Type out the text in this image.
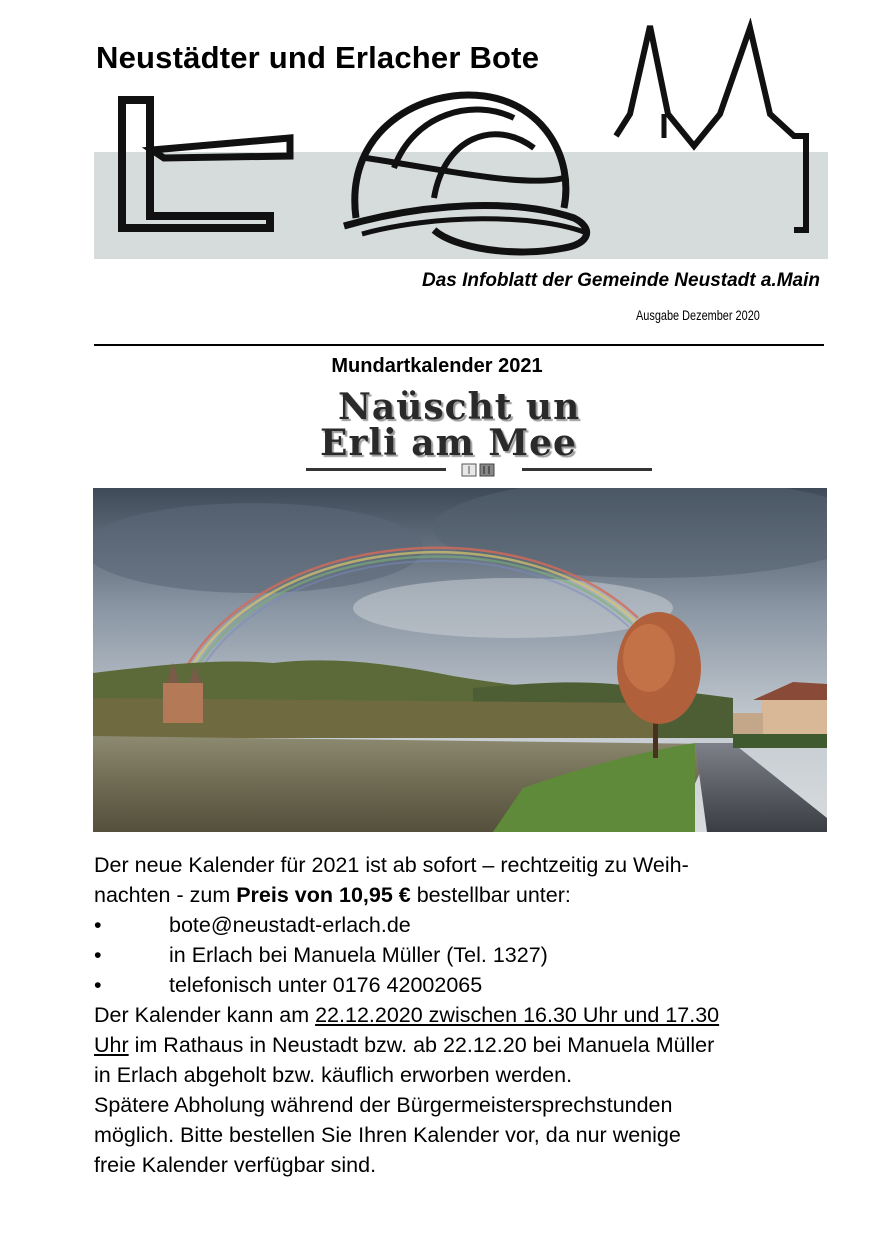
Neustädter und Erlacher Bote
Das Infoblatt der Gemeinde Neustadt a.Main
Ausgabe Dezember 2020
Mundartkalender 2021
Naüscht un
Erli am Mee

Der neue Kalender für 2021 ist ab sofort – rechtzeitig zu Weih-

nachten - zum Preis von 10,95 € bestellbar unter:

•	bote@neustadt-erlach.de
•	in Erlach bei Manuela Müller (Tel. 1327)
•	telefonisch unter 0176 42002065

Der Kalender kann am 22.12.2020 zwischen 16.30 Uhr und 17.30

Uhr im Rathaus in Neustadt bzw. ab 22.12.20 bei Manuela Müller

in Erlach abgeholt bzw. käuflich erworben werden.

Spätere Abholung während der Bürgermeistersprechstunden

möglich. Bitte bestellen Sie Ihren Kalender vor, da nur wenige

freie Kalender verfügbar sind.
